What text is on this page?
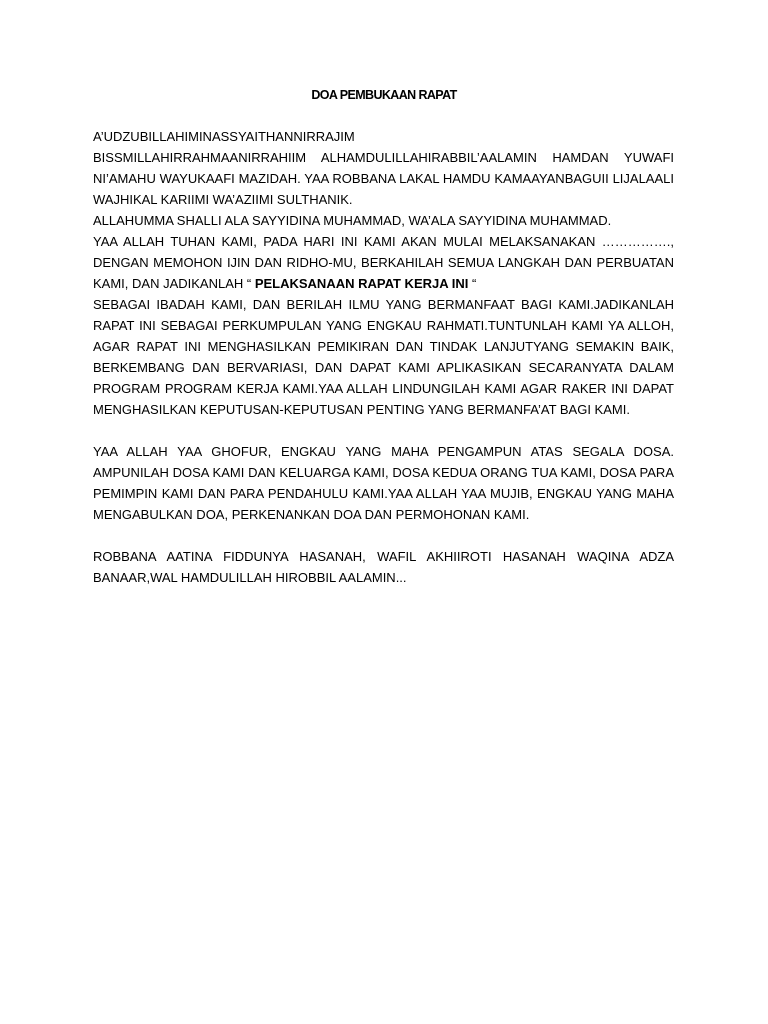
DOA PEMBUKAAN RAPAT

A’UDZUBILLAHIMINASSYAITHANNIRRAJIM

BISSMILLAHIRRAHMAANIRRAHIIM ALHAMDULILLAHIRABBIL’AALAMIN HAMDAN YUWAFI NI’AMAHU WAYUKAAFI MAZIDAH. YAA ROBBANA LAKAL HAMDU KAMAAYANBAGUII LIJALAALI WAJHIKAL KARIIMI WA’AZIIMI SULTHANIK.

ALLAHUMMA SHALLI ALA SAYYIDINA MUHAMMAD, WA’ALA SAYYIDINA MUHAMMAD.

YAA ALLAH TUHAN KAMI, PADA HARI INI KAMI AKAN MULAI MELAKSANAKAN ……………., DENGAN MEMOHON IJIN DAN RIDHO-MU, BERKAHILAH SEMUA LANGKAH DAN PERBUATAN KAMI, DAN JADIKANLAH “ PELAKSANAAN RAPAT KERJA INI “

SEBAGAI IBADAH KAMI, DAN BERILAH ILMU YANG BERMANFAAT BAGI KAMI.JADIKANLAH RAPAT INI SEBAGAI PERKUMPULAN YANG ENGKAU RAHMATI.TUNTUNLAH KAMI YA ALLOH, AGAR RAPAT INI MENGHASILKAN PEMIKIRAN DAN TINDAK LANJUTYANG SEMAKIN BAIK, BERKEMBANG DAN BERVARIASI, DAN DAPAT KAMI APLIKASIKAN SECARANYATA DALAM PROGRAM PROGRAM KERJA KAMI.YAA ALLAH LINDUNGILAH KAMI AGAR RAKER INI DAPAT MENGHASILKAN KEPUTUSAN-KEPUTUSAN PENTING YANG BERMANFA’AT BAGI KAMI.

YAA ALLAH YAA GHOFUR, ENGKAU YANG MAHA PENGAMPUN ATAS SEGALA DOSA. AMPUNILAH DOSA KAMI DAN KELUARGA KAMI, DOSA KEDUA ORANG TUA KAMI, DOSA PARA PEMIMPIN KAMI DAN PARA PENDAHULU KAMI.YAA ALLAH YAA MUJIB, ENGKAU YANG MAHA MENGABULKAN DOA, PERKENANKAN DOA DAN PERMOHONAN KAMI.

ROBBANA AATINA FIDDUNYA HASANAH, WAFIL AKHIIROTI HASANAH WAQINA ADZA BANAAR,WAL HAMDULILLAH HIROBBIL AALAMIN...
